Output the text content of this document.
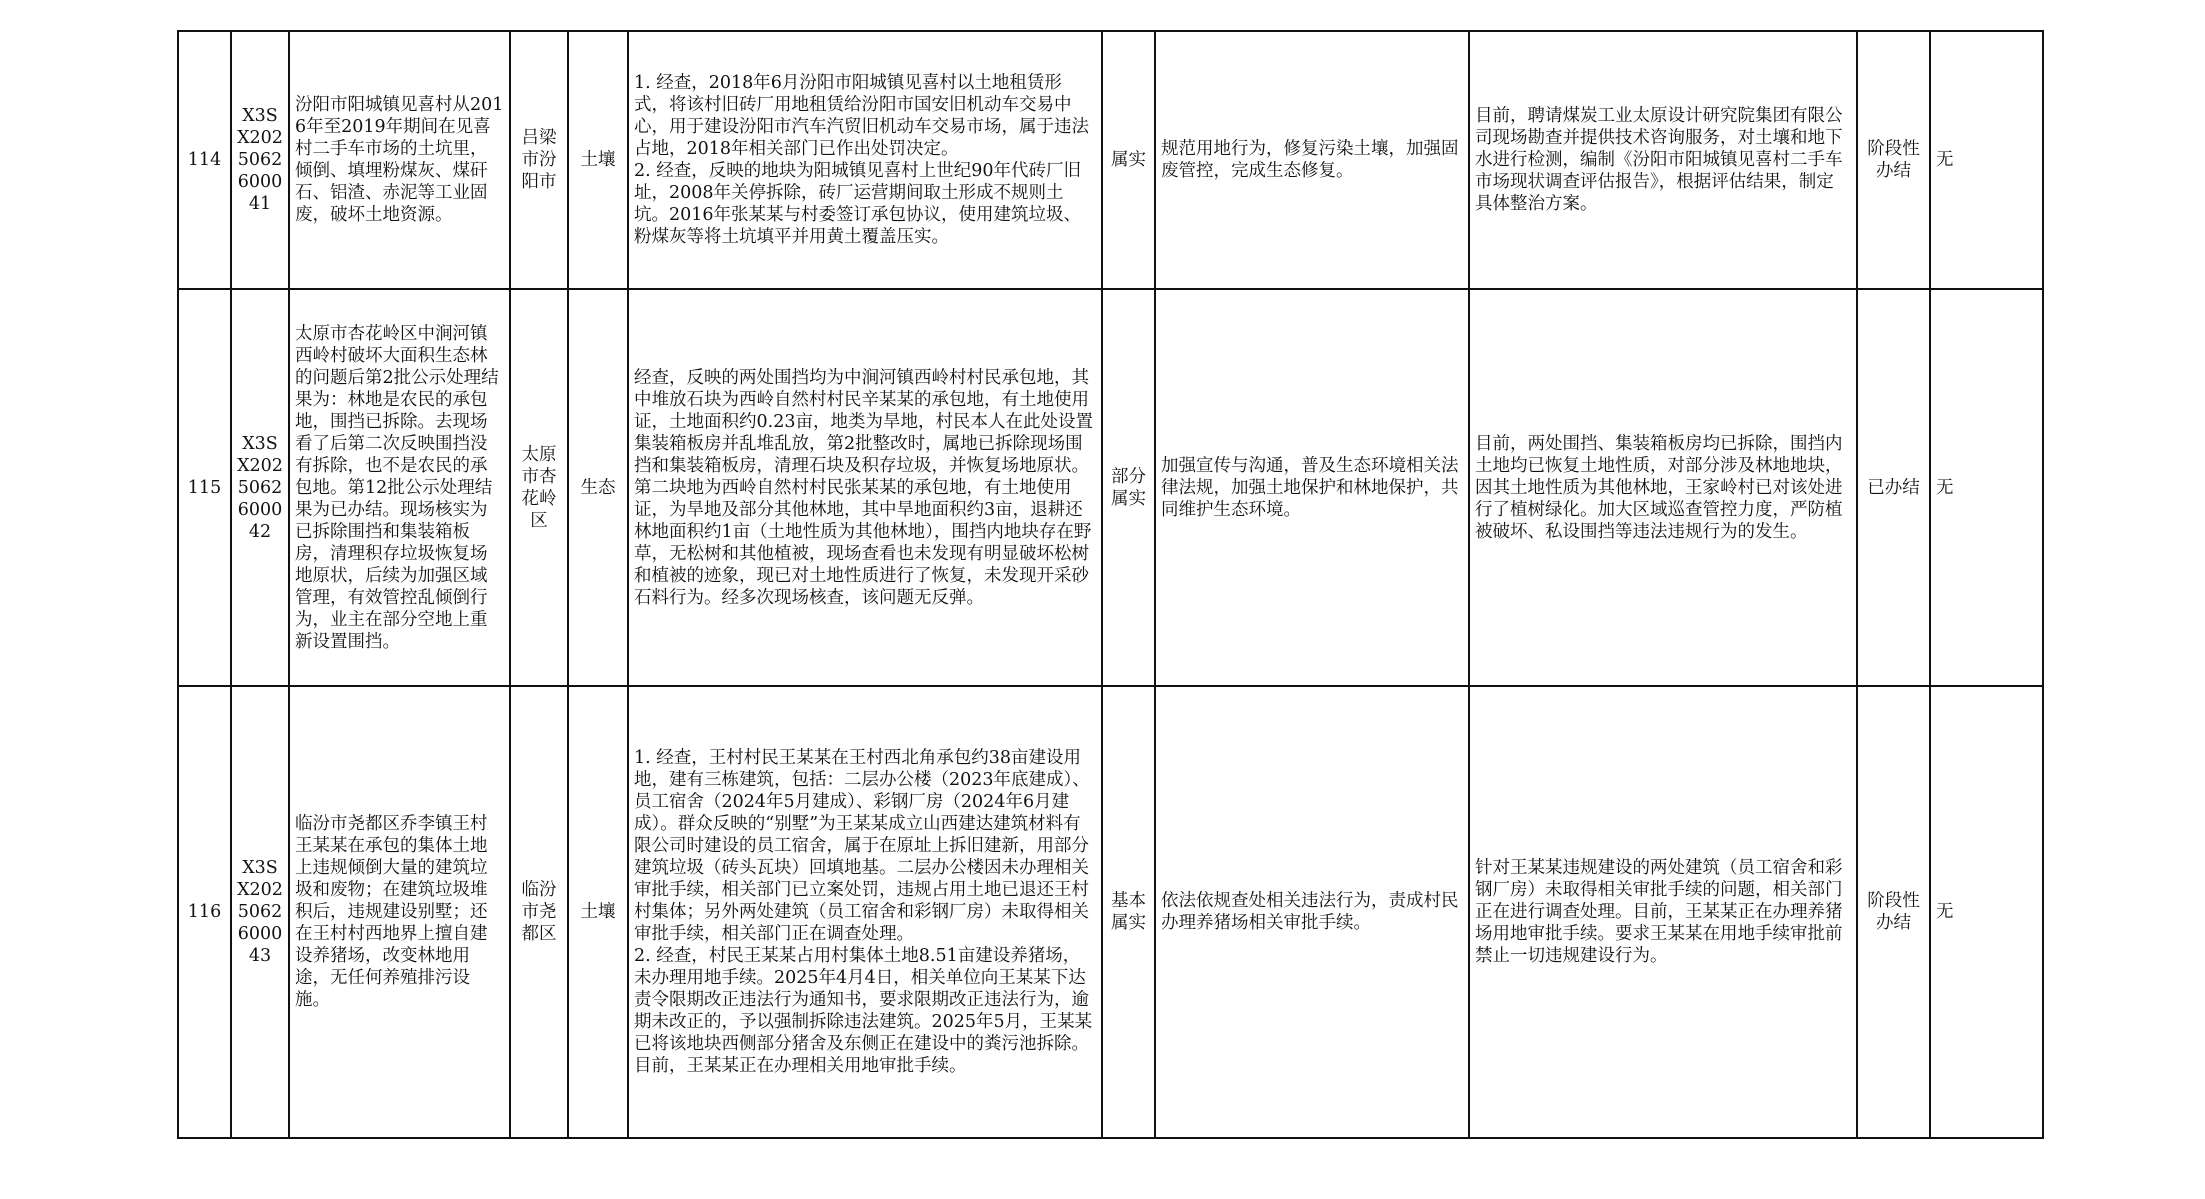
114	X3SX2025062600041	汾阳市阳城镇见喜村从2016年至2019年期间在见喜村二手车市场的土坑里，倾倒、填埋粉煤灰、煤矸石、铝渣、赤泥等工业固废，破坏土地资源。	吕梁市汾阳市	土壤	1. 经查，2018年6月汾阳市阳城镇见喜村以土地租赁形式，将该村旧砖厂用地租赁给汾阳市国安旧机动车交易中心，用于建设汾阳市汽车汽贸旧机动车交易市场，属于违法占地，2018年相关部门已作出处罚决定。
2. 经查，反映的地块为阳城镇见喜村上世纪90年代砖厂旧址，2008年关停拆除，砖厂运营期间取土形成不规则土坑。2016年张某某与村委签订承包协议，使用建筑垃圾、粉煤灰等将土坑填平并用黄土覆盖压实。	属实	规范用地行为，修复污染土壤，加强固废管控，完成生态修复。	目前，聘请煤炭工业太原设计研究院集团有限公司现场勘查并提供技术咨询服务，对土壤和地下水进行检测，编制《汾阳市阳城镇见喜村二手车市场现状调查评估报告》，根据评估结果，制定具体整治方案。	阶段性办结	无
115	X3SX2025062600042	太原市杏花岭区中涧河镇西岭村破坏大面积生态林的问题后第2批公示处理结果为：林地是农民的承包地，围挡已拆除。去现场看了后第二次反映围挡没有拆除，也不是农民的承包地。第12批公示处理结果为已办结。现场核实为已拆除围挡和集装箱板房，清理积存垃圾恢复场地原状，后续为加强区域管理，有效管控乱倾倒行为，业主在部分空地上重新设置围挡。	太原市杏花岭区	生态	经查，反映的两处围挡均为中涧河镇西岭村村民承包地，其中堆放石块为西岭自然村村民辛某某的承包地，有土地使用证，土地面积约0.23亩，地类为旱地，村民本人在此处设置集装箱板房并乱堆乱放，第2批整改时，属地已拆除现场围挡和集装箱板房，清理石块及积存垃圾，并恢复场地原状。第二块地为西岭自然村村民张某某的承包地，有土地使用证，为旱地及部分其他林地，其中旱地面积约3亩，退耕还林地面积约1亩（土地性质为其他林地），围挡内地块存在野草，无松树和其他植被，现场查看也未发现有明显破坏松树和植被的迹象，现已对土地性质进行了恢复，未发现开采砂石料行为。经多次现场核查，该问题无反弹。	部分属实	加强宣传与沟通，普及生态环境相关法律法规，加强土地保护和林地保护，共同维护生态环境。	目前，两处围挡、集装箱板房均已拆除，围挡内土地均已恢复土地性质，对部分涉及林地地块，因其土地性质为其他林地，王家岭村已对该处进行了植树绿化。加大区域巡查管控力度，严防植被破坏、私设围挡等违法违规行为的发生。	已办结	无
116	X3SX2025062600043	临汾市尧都区乔李镇王村王某某在承包的集体土地上违规倾倒大量的建筑垃圾和废物；在建筑垃圾堆积后，违规建设别墅；还在王村村西地界上擅自建设养猪场，改变林地用途，无任何养殖排污设施。	临汾市尧都区	土壤	1. 经查，王村村民王某某在王村西北角承包约38亩建设用地，建有三栋建筑，包括：二层办公楼（2023年底建成）、员工宿舍（2024年5月建成）、彩钢厂房（2024年6月建成）。群众反映的“别墅”为王某某成立山西建达建筑材料有限公司时建设的员工宿舍，属于在原址上拆旧建新，用部分建筑垃圾（砖头瓦块）回填地基。二层办公楼因未办理相关审批手续，相关部门已立案处罚，违规占用土地已退还王村村集体；另外两处建筑（员工宿舍和彩钢厂房）未取得相关审批手续，相关部门正在调查处理。
2. 经查，村民王某某占用村集体土地8.51亩建设养猪场，未办理用地手续。2025年4月4日，相关单位向王某某下达责令限期改正违法行为通知书，要求限期改正违法行为，逾期未改正的，予以强制拆除违法建筑。2025年5月，王某某已将该地块西侧部分猪舍及东侧正在建设中的粪污池拆除。目前，王某某正在办理相关用地审批手续。	基本属实	依法依规查处相关违法行为，责成村民办理养猪场相关审批手续。	针对王某某违规建设的两处建筑（员工宿舍和彩钢厂房）未取得相关审批手续的问题，相关部门正在进行调查处理。目前，王某某正在办理养猪场用地审批手续。要求王某某在用地手续审批前禁止一切违规建设行为。	阶段性办结	无
